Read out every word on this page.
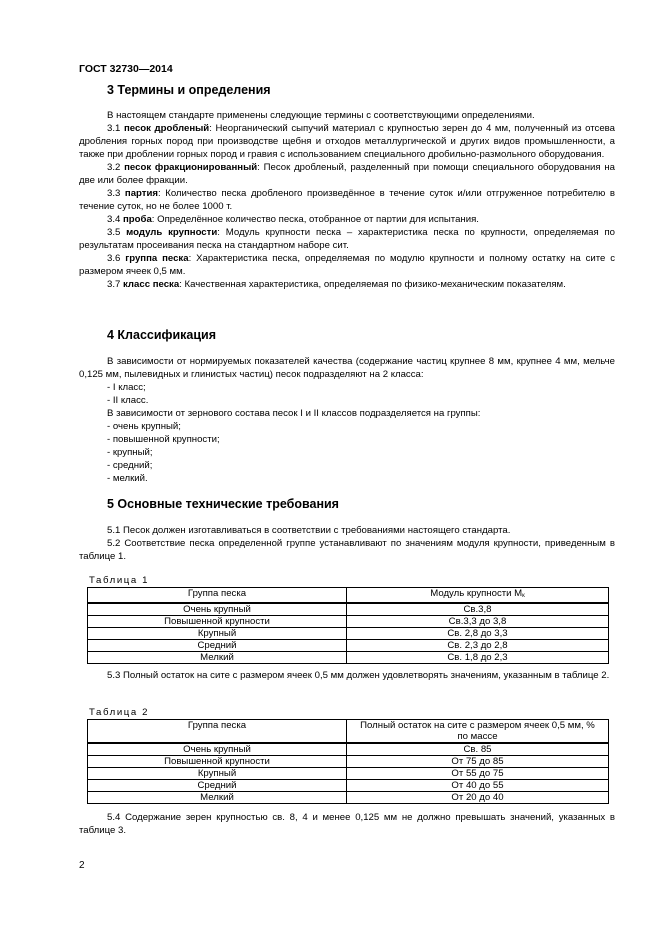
ГОСТ 32730—2014
3 Термины и определения

В настоящем стандарте применены следующие термины с соответствующими определениями.

3.1 песок дробленый: Неорганический сыпучий материал с крупностью зерен до 4 мм, полученный из отсева дробления горных пород при производстве щебня и отходов металлургической и других видов промышленности, а также при дроблении горных пород и гравия с использованием специального дробильно-размольного оборудования.

3.2 песок фракционированный: Песок дробленый, разделенный при помощи специального оборудования на две или более фракции.

3.3 партия: Количество песка дробленого произведённое в течение суток и/или отгруженное потребителю в течение суток, но не более 1000 т.

3.4 проба: Определённое количество песка, отобранное от партии для испытания.

3.5 модуль крупности: Модуль крупности песка – характеристика песка по крупности, определяемая по результатам просеивания песка на стандартном наборе сит.

3.6 группа песка: Характеристика песка, определяемая по модулю крупности и полному остатку на сите с размером ячеек 0,5 мм.

3.7 класс песка: Качественная характеристика, определяемая по физико-механическим показателям.

4 Классификация

В зависимости от нормируемых показателей качества (содержание частиц крупнее 8 мм, крупнее 4 мм, мельче 0,125 мм, пылевидных и глинистых частиц) песок подразделяют на 2 класса:

- I класс;

- II класс.

В зависимости от зернового состава песок I и II классов подразделяется на группы:

- очень крупный;

- повышенной крупности;

- крупный;

- средний;

- мелкий.

5 Основные технические требования

5.1 Песок должен изготавливаться в соответствии с требованиями настоящего стандарта.

5.2 Соответствие песка определенной группе устанавливают по значениям модуля крупности, приведенным в таблице 1.

Таблица 1
Группа песка	Модуль крупности $М_к$
Очень крупный	Св.3,8
Повышенной крупности	Св.3,3 до 3,8
Крупный	Св. 2,8 до 3,3
Средний	Св. 2,3 до 2,8
Мелкий	Св. 1,8 до 2,3

5.3 Полный остаток на сите с размером ячеек 0,5 мм должен удовлетворять значениям, указанным в таблице 2.

Таблица 2
Группа песка	Полный остаток на сите с размером ячеек 0,5 мм, %
по массе
Очень крупный	Св. 85
Повышенной крупности	От 75 до 85
Крупный	От 55 до 75
Средний	От 40 до 55
Мелкий	От 20 до 40

5.4 Содержание зерен крупностью св. 8, 4 и менее 0,125 мм не должно превышать значений, указанных в таблице 3.

2
